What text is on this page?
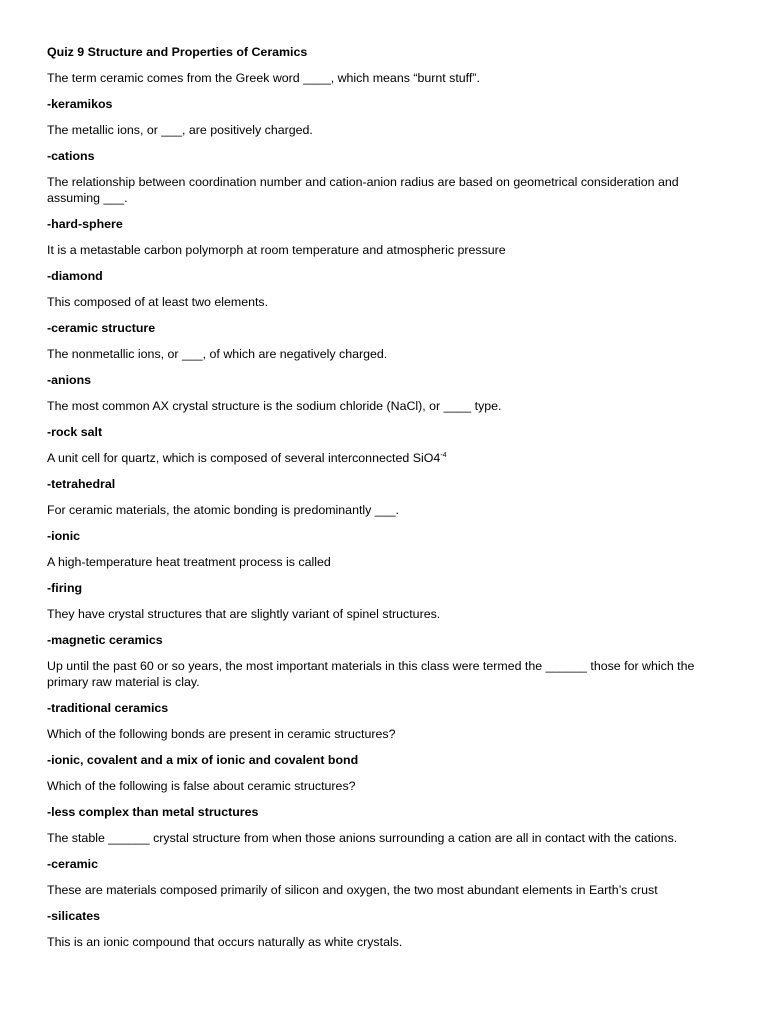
Quiz 9 Structure and Properties of Ceramics

The term ceramic comes from the Greek word ____, which means “burnt stuff”.

-keramikos

The metallic ions, or ___, are positively charged.

-cations

The relationship between coordination number and cation-anion radius are based on geometrical consideration and assuming ___.

-hard-sphere

It is a metastable carbon polymorph at room temperature and atmospheric pressure

-diamond

This composed of at least two elements.

-ceramic structure

The nonmetallic ions, or ___, of which are negatively charged.

-anions

The most common AX crystal structure is the sodium chloride (NaCl), or ____ type.

-rock salt

A unit cell for quartz, which is composed of several interconnected $SiO4^{-4}$

-tetrahedral

For ceramic materials, the atomic bonding is predominantly ___.

-ionic

A high-temperature heat treatment process is called

-firing

They have crystal structures that are slightly variant of spinel structures.

-magnetic ceramics

Up until the past 60 or so years, the most important materials in this class were termed the ______ those for which the primary raw material is clay.

-traditional ceramics

Which of the following bonds are present in ceramic structures?

-ionic, covalent and a mix of ionic and covalent bond

Which of the following is false about ceramic structures?

-less complex than metal structures

The stable ______ crystal structure from when those anions surrounding a cation are all in contact with the cations.

-ceramic

These are materials composed primarily of silicon and oxygen, the two most abundant elements in Earth’s crust

-silicates

This is an ionic compound that occurs naturally as white crystals.
